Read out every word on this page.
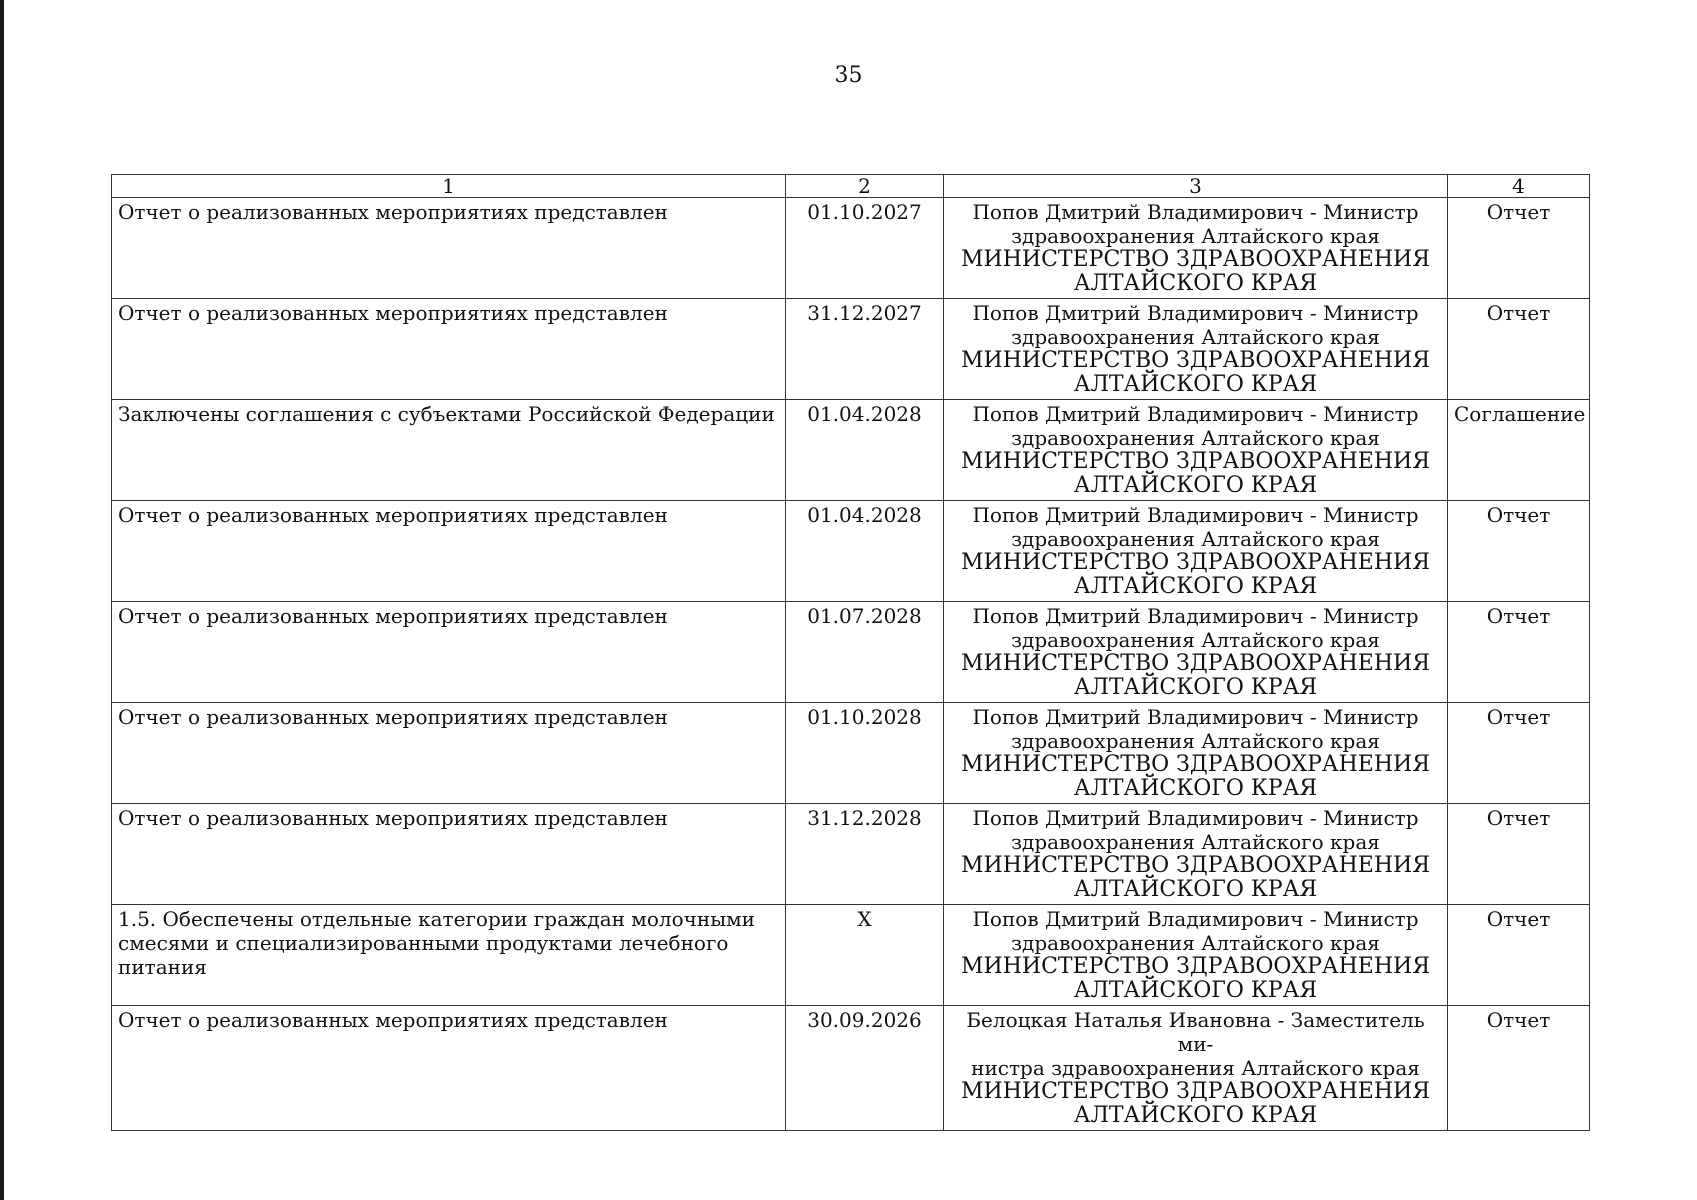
35
1	2	3	4
Отчет о реализованных мероприятиях представлен	01.10.2027	Попов Дмитрий Владимирович - Министр
здравоохранения Алтайского края
МИНИСТЕРСТВО ЗДРАВООХРАНЕНИЯ
АЛТАЙСКОГО КРАЯ	Отчет
Отчет о реализованных мероприятиях представлен	31.12.2027	Попов Дмитрий Владимирович - Министр
здравоохранения Алтайского края
МИНИСТЕРСТВО ЗДРАВООХРАНЕНИЯ
АЛТАЙСКОГО КРАЯ	Отчет
Заключены соглашения с субъектами Российской Федерации	01.04.2028	Попов Дмитрий Владимирович - Министр
здравоохранения Алтайского края
МИНИСТЕРСТВО ЗДРАВООХРАНЕНИЯ
АЛТАЙСКОГО КРАЯ	Соглашение
Отчет о реализованных мероприятиях представлен	01.04.2028	Попов Дмитрий Владимирович - Министр
здравоохранения Алтайского края
МИНИСТЕРСТВО ЗДРАВООХРАНЕНИЯ
АЛТАЙСКОГО КРАЯ	Отчет
Отчет о реализованных мероприятиях представлен	01.07.2028	Попов Дмитрий Владимирович - Министр
здравоохранения Алтайского края
МИНИСТЕРСТВО ЗДРАВООХРАНЕНИЯ
АЛТАЙСКОГО КРАЯ	Отчет
Отчет о реализованных мероприятиях представлен	01.10.2028	Попов Дмитрий Владимирович - Министр
здравоохранения Алтайского края
МИНИСТЕРСТВО ЗДРАВООХРАНЕНИЯ
АЛТАЙСКОГО КРАЯ	Отчет
Отчет о реализованных мероприятиях представлен	31.12.2028	Попов Дмитрий Владимирович - Министр
здравоохранения Алтайского края
МИНИСТЕРСТВО ЗДРАВООХРАНЕНИЯ
АЛТАЙСКОГО КРАЯ	Отчет
1.5. Обеспечены отдельные категории граждан молочными смесями и специализированными продуктами лечебного питания	X	Попов Дмитрий Владимирович - Министр
здравоохранения Алтайского края
МИНИСТЕРСТВО ЗДРАВООХРАНЕНИЯ
АЛТАЙСКОГО КРАЯ	Отчет
Отчет о реализованных мероприятиях представлен	30.09.2026	Белоцкая Наталья Ивановна - Заместитель ми-
нистра здравоохранения Алтайского края
МИНИСТЕРСТВО ЗДРАВООХРАНЕНИЯ
АЛТАЙСКОГО КРАЯ	Отчет
